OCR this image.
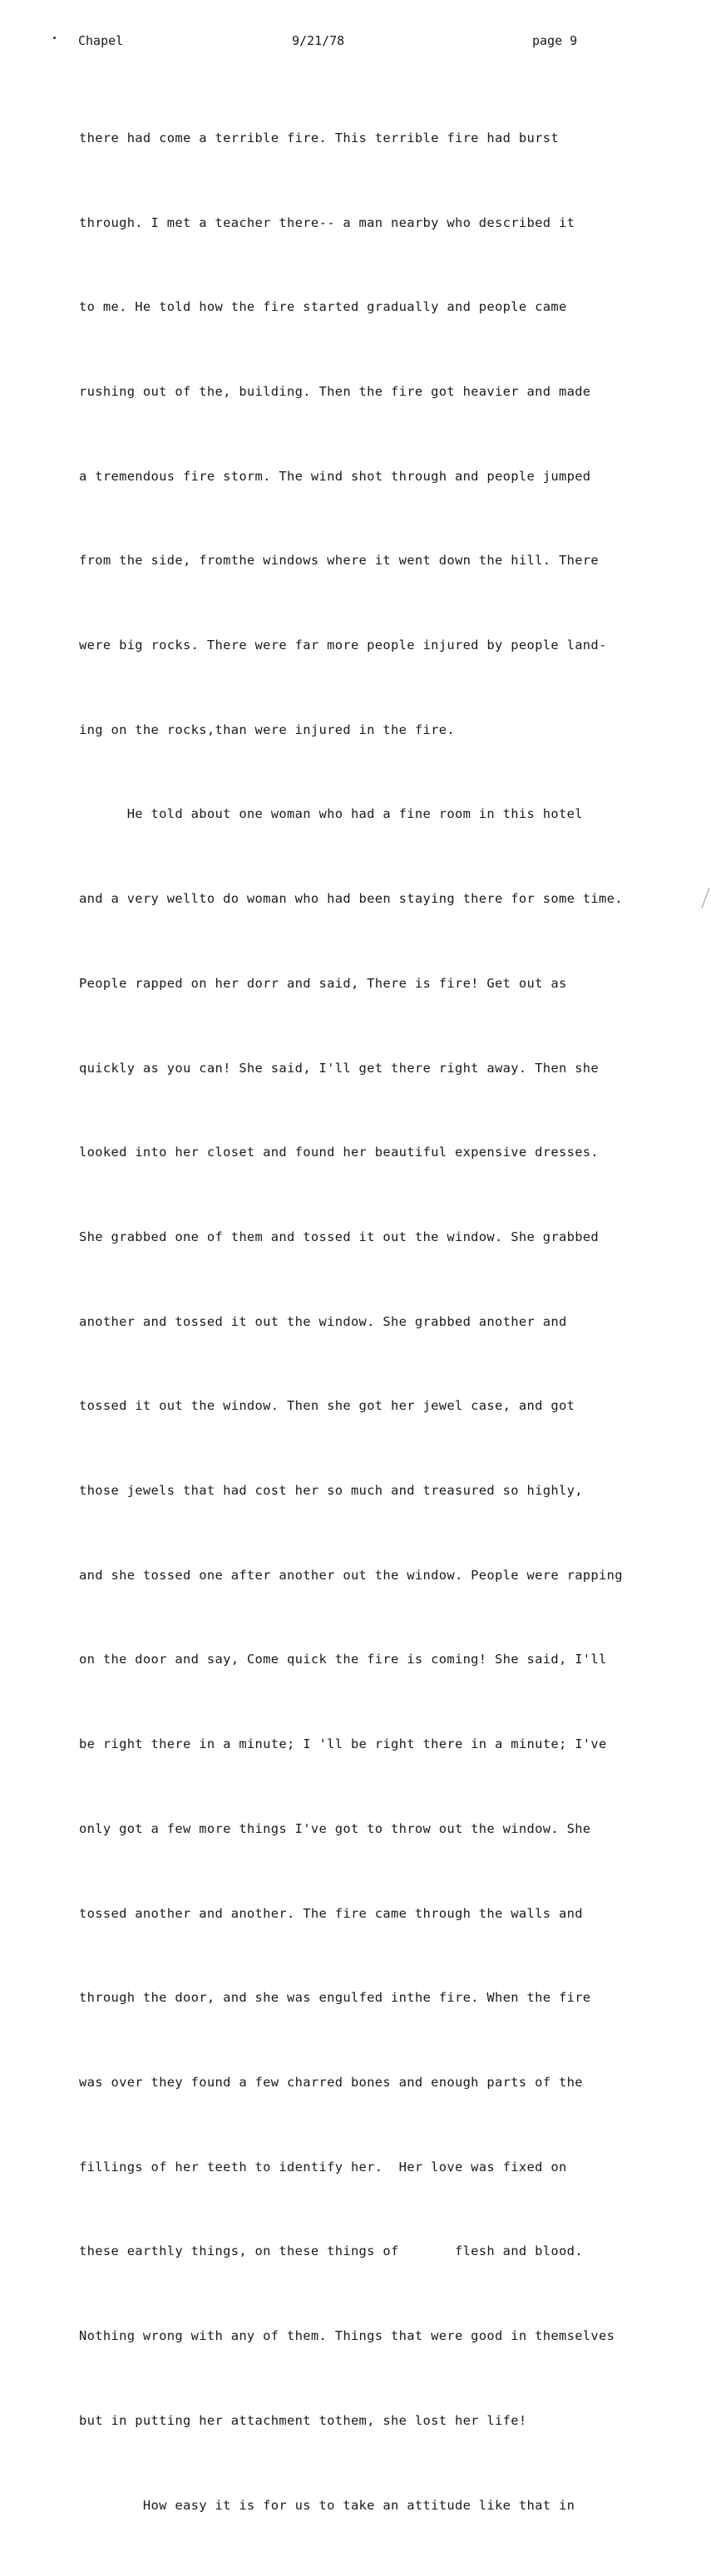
Chapel	9/21/78	page 9

there had come a terrible fire. This terrible fire had burst

through. I met a teacher there-- a man nearby who described it

to me. He told how the fire started gradually and people came

rushing out of the, building. Then the fire got heavier and made

a tremendous fire storm. The wind shot through and people jumped

from the side, fromthe windows where it went down the hill. There

were big rocks. There were far more people injured by people land-

ing on the rocks,than were injured in the fire.

He told about one woman who had a fine room in this hotel

and a very wellto do woman who had been staying there for some time.

People rapped on her dorr and said, There is fire! Get out as

quickly as you can! She said, I'll get there right away. Then she

looked into her closet and found her beautiful expensive dresses.

She grabbed one of them and tossed it out the window. She grabbed

another and tossed it out the window. She grabbed another and

tossed it out the window. Then she got her jewel case, and got

those jewels that had cost her so much and treasured so highly,

and she tossed one after another out the window. People were rapping

on the door and say, Come quick the fire is coming! She said, I'll

be right there in a minute; I 'll be right there in a minute; I've

only got a few more things I've got to throw out the window. She

tossed another and another. The fire came through the walls and

through the door, and she was engulfed inthe fire. When the fire

was over they found a few charred bones and enough parts of the

fillings of her teeth to identify her.  Her love was fixed on

these earthly things, on these things of       flesh and blood.

Nothing wrong with any of them. Things that were good in themselves

but in putting her attachment tothem, she lost her life!

How easy it is for us to take an attitude like that in
